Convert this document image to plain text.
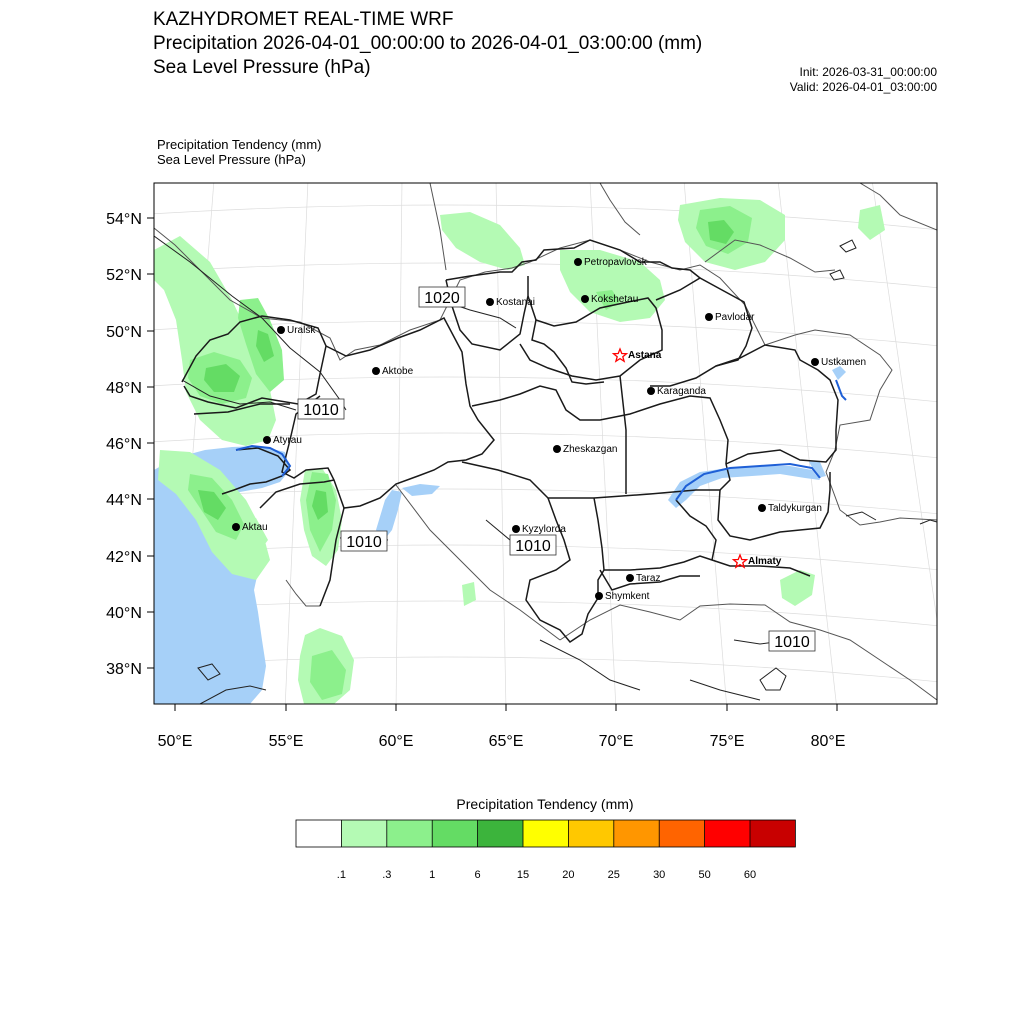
KAZHYDROMET REAL-TIME WRF
Precipitation 2026-04-01_00:00:00 to 2026-04-01_03:00:00 (mm)
Sea Level Pressure (hPa)	Init: 2026-03-31_00:00:00
Valid: 2026-04-01_03:00:00
Precipitation Tendency (mm)
Sea Level Pressure (hPa)
54°N
52°N
50°N
48°N
46°N
44°N
42°N
40°N
38°N
50°E	55°E	60°E	65°E	70°E	75°E	80°E
1020
1010
1010	1010
1010
Petropavlovsk
Kostanai	Kokshetau
Uralsk
Pavlodar
Astana
Ustkamen
Aktobe
Karaganda
Atyrau
Zheskazgan
Taldykurgan
Aktau	Kyzylorda
Almaty
Taraz
Shymkent
.1	.3	1	6	15	20	25	30	50	60
Precipitation Tendency (mm)
